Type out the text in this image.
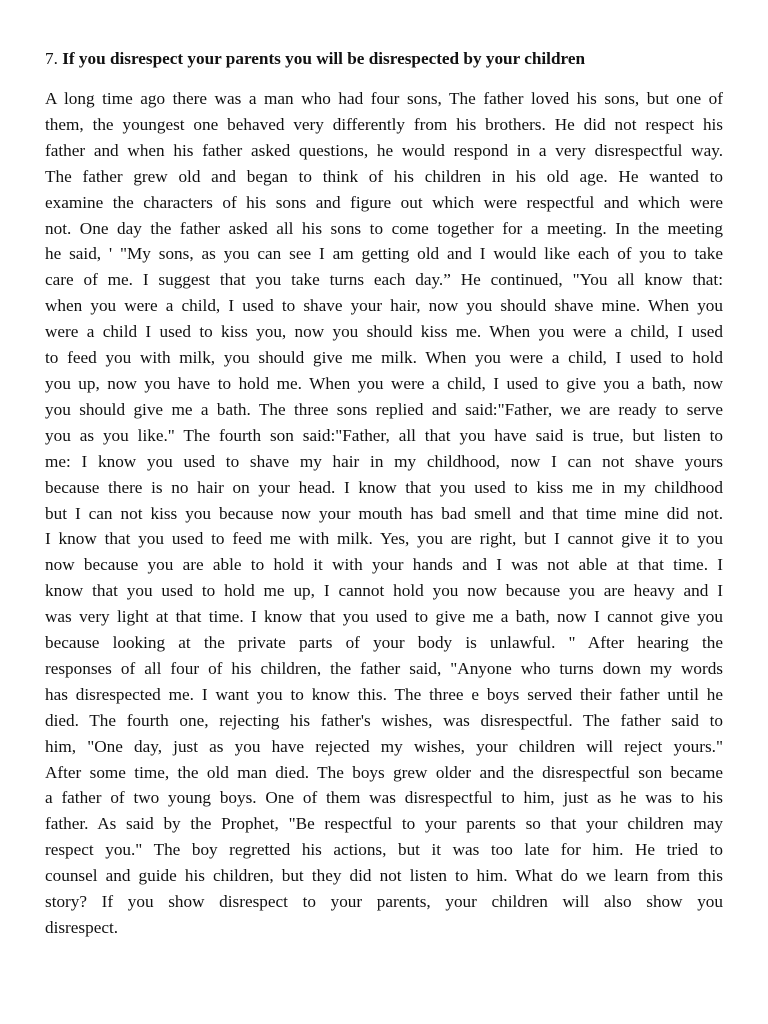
7. If you disrespect your parents you will be disrespected by your children
A long time ago there was a man who had four sons, The father loved his sons, but one of
them, the youngest one behaved very differently from his brothers. He did not respect his
father and when his father asked questions, he would respond in a very disrespectful way.
The father grew old and began to think of his children in his old age. He wanted to
examine the characters of his sons and figure out which were respectful and which were
not. One day the father asked all his sons to come together for a meeting. In the meeting
he said, ' "My sons, as you can see I am getting old and I would like each of you to take
care of me. I suggest that you take turns each day.” He continued, "You all know that:
when you were a child, I used to shave your hair, now you should shave mine. When you
were a child I used to kiss you, now you should kiss me. When you were a child, I used
to feed you with milk, you should give me milk. When you were a child, I used to hold
you up, now you have to hold me. When you were a child, I used to give you a bath, now
you should give me a bath. The three sons replied and said:"Father, we are ready to serve
you as you like." The fourth son said:"Father, all that you have said is true, but listen to
me: I know you used to shave my hair in my childhood, now I can not shave yours
because there is no hair on your head. I know that you used to kiss me in my childhood
but I can not kiss you because now your mouth has bad smell and that time mine did not.
I know that you used to feed me with milk. Yes, you are right, but I cannot give it to you
now because you are able to hold it with your hands and I was not able at that time. I
know that you used to hold me up, I cannot hold you now because you are heavy and I
was very light at that time. I know that you used to give me a bath, now I cannot give you
because looking at the private parts of your body is unlawful. " After hearing the
responses of all four of his children, the father said, "Anyone who turns down my words
has disrespected me. I want you to know this. The three e boys served their father until he
died. The fourth one, rejecting his father's wishes, was disrespectful. The father said to
him, "One day, just as you have rejected my wishes, your children will reject yours."
After some time, the old man died. The boys grew older and the disrespectful son became
a father of two young boys. One of them was disrespectful to him, just as he was to his
father. As said by the Prophet, "Be respectful to your parents so that your children may
respect you." The boy regretted his actions, but it was too late for him. He tried to
counsel and guide his children, but they did not listen to him. What do we learn from this
story? If you show disrespect to your parents, your children will also show you
disrespect.
